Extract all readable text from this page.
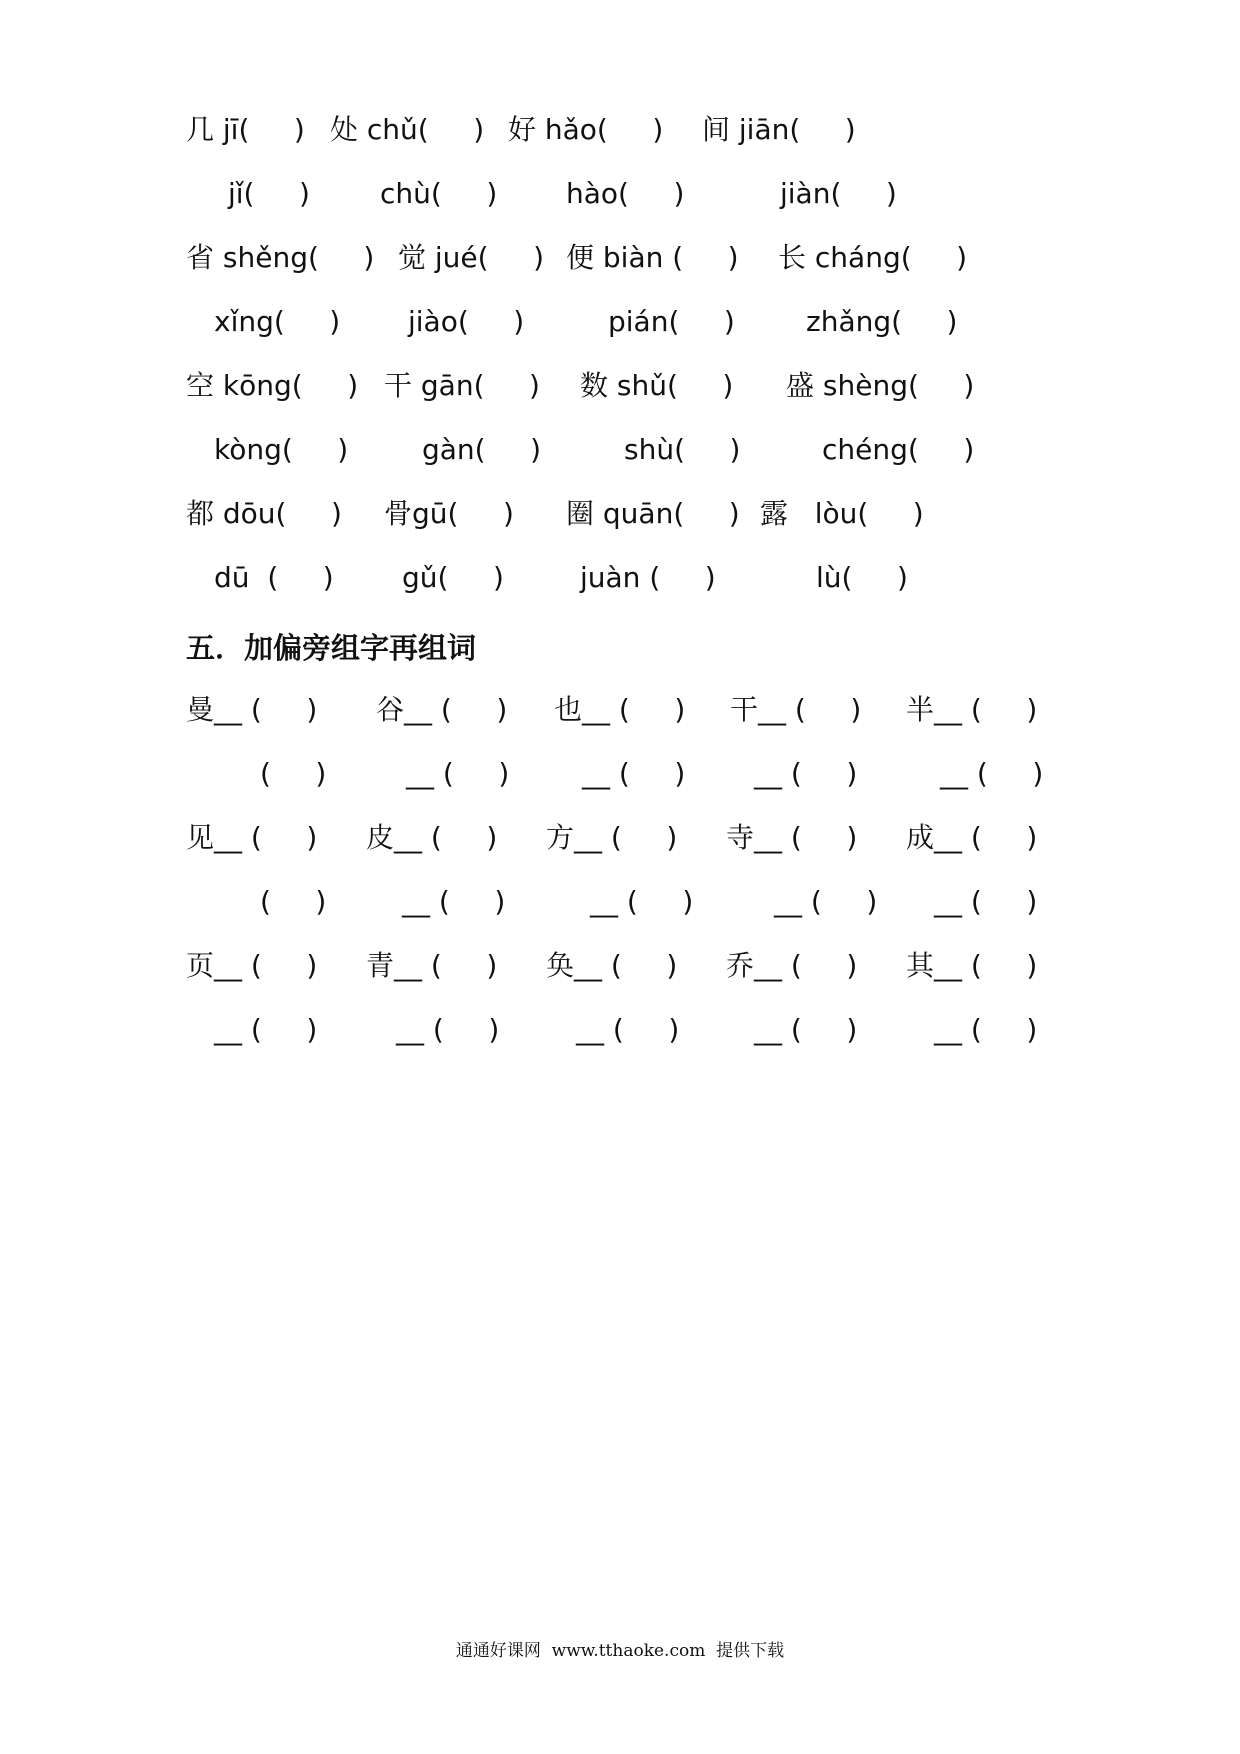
几 jī(     ) 处 chǔ(     ) 好 hǎo(     ) 间 jiān(     )
jǐ(     )	chù(     ) hào(     )	jiàn(     )
省 shěng(     ) 觉 jué(     ) 便 biàn (     ) 长 cháng(     )
xǐng(     ) jiào(     )	pián(     )	zhǎng(     )
空 kōng(     ) 干 gān(     ) 数 shǔ(     ) 盛 shèng(     )
kòng(     )	gàn(     )	shù(     )	chéng(     )
都 dōu(     ) 骨gū(     ) 圈 quān(     ) 露   lòu(     )
dū  (     ) gǔ(     )	juàn (     )	lù(     )
五．加偏旁组字再组词
曼__ (     ) 谷__ (     ) 也__ (     ) 干__ (     ) 半__ (     )
(     )	__ (     )	__ (     ) __ (     )	__ (     )
见__ (     ) 皮__ (     ) 方__ (     ) 寺__ (     ) 成__ (     )
(     )	__ (     )	__ (     )	__ (     ) __ (     )
页__ (     ) 青__ (     ) 奂__ (     ) 乔__ (     ) 其__ (     )
__ (     )	__ (     )	__ (     )	__ (     )	__ (     )
通通好课网  www.tthaoke.com  提供下载
